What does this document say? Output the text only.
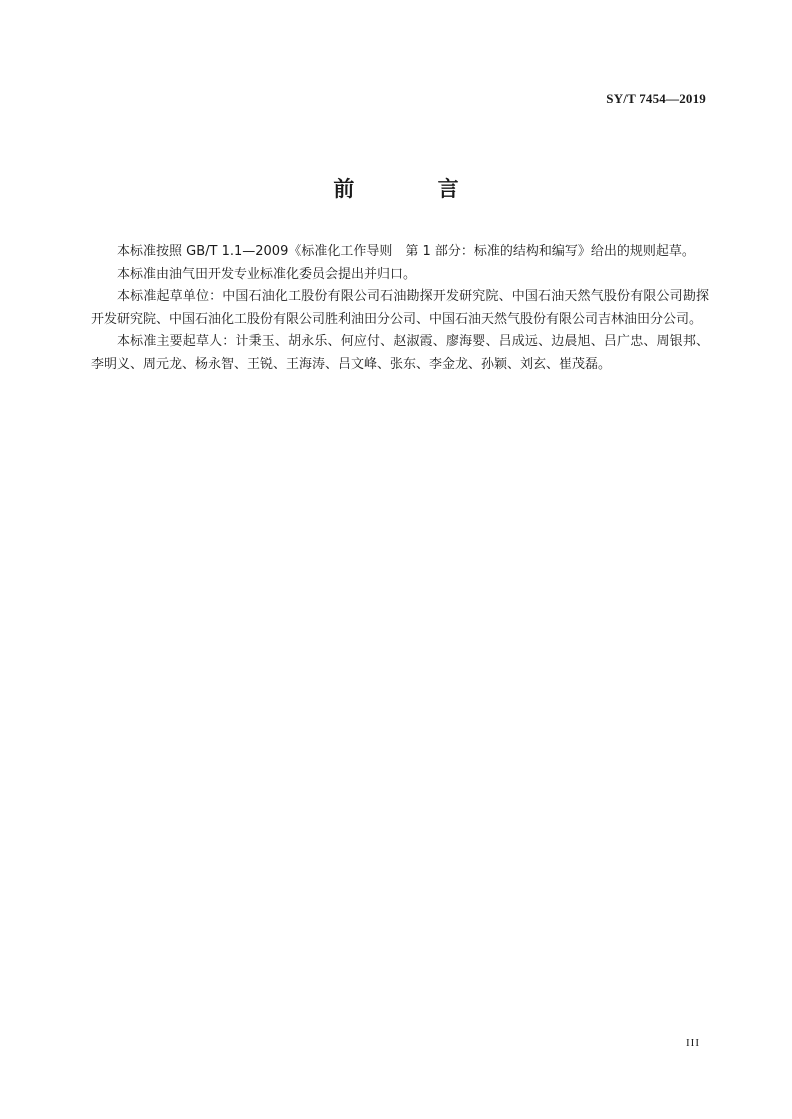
SY/T 7454—2019
前 言

本标准按照 GB/T 1.1—2009《标准化工作导则　第 1 部分：标准的结构和编写》给出的规则起草。

本标准由油气田开发专业标准化委员会提出并归口。

本标准起草单位：中国石油化工股份有限公司石油勘探开发研究院、中国石油天然气股份有限公司勘探开发研究院、中国石油化工股份有限公司胜利油田分公司、中国石油天然气股份有限公司吉林油田分公司。

本标准主要起草人：计秉玉、胡永乐、何应付、赵淑霞、廖海婴、吕成远、边晨旭、吕广忠、周银邦、李明义、周元龙、杨永智、王锐、王海涛、吕文峰、张东、李金龙、孙颖、刘玄、崔茂磊。

III
